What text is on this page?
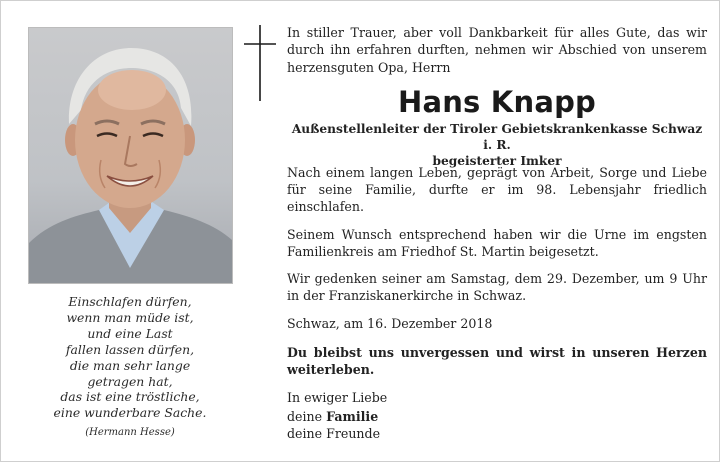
Einschlafen dürfen,
wenn man müde ist,
und eine Last
fallen lassen dürfen,
die man sehr lange
getragen hat,
das ist eine tröstliche,
eine wunderbare Sache.
(Hermann Hesse)
In stiller Trauer, aber voll Dankbarkeit für alles Gute, das wir durch ihn erfahren durften, nehmen wir Abschied von unserem herzensguten Opa, Herrn
Hans Knapp
Außenstellenleiter der Tiroler Gebietskrankenkasse Schwaz i. R.
begeisterter Imker
Nach einem langen Leben, geprägt von Arbeit, Sorge und Liebe für seine Familie, durfte er im 98. Lebensjahr friedlich einschlafen.
Seinem Wunsch entsprechend haben wir die Urne im engsten Familienkreis am Friedhof St. Martin beigesetzt.
Wir gedenken seiner am Samstag, dem 29. Dezember, um 9 Uhr in der Franziskanerkirche in Schwaz.
Schwaz, am 16. Dezember 2018
Du bleibst uns unvergessen und wirst in unseren Herzen weiterleben.
In ewiger Liebe
deine Familie
deine Freunde
